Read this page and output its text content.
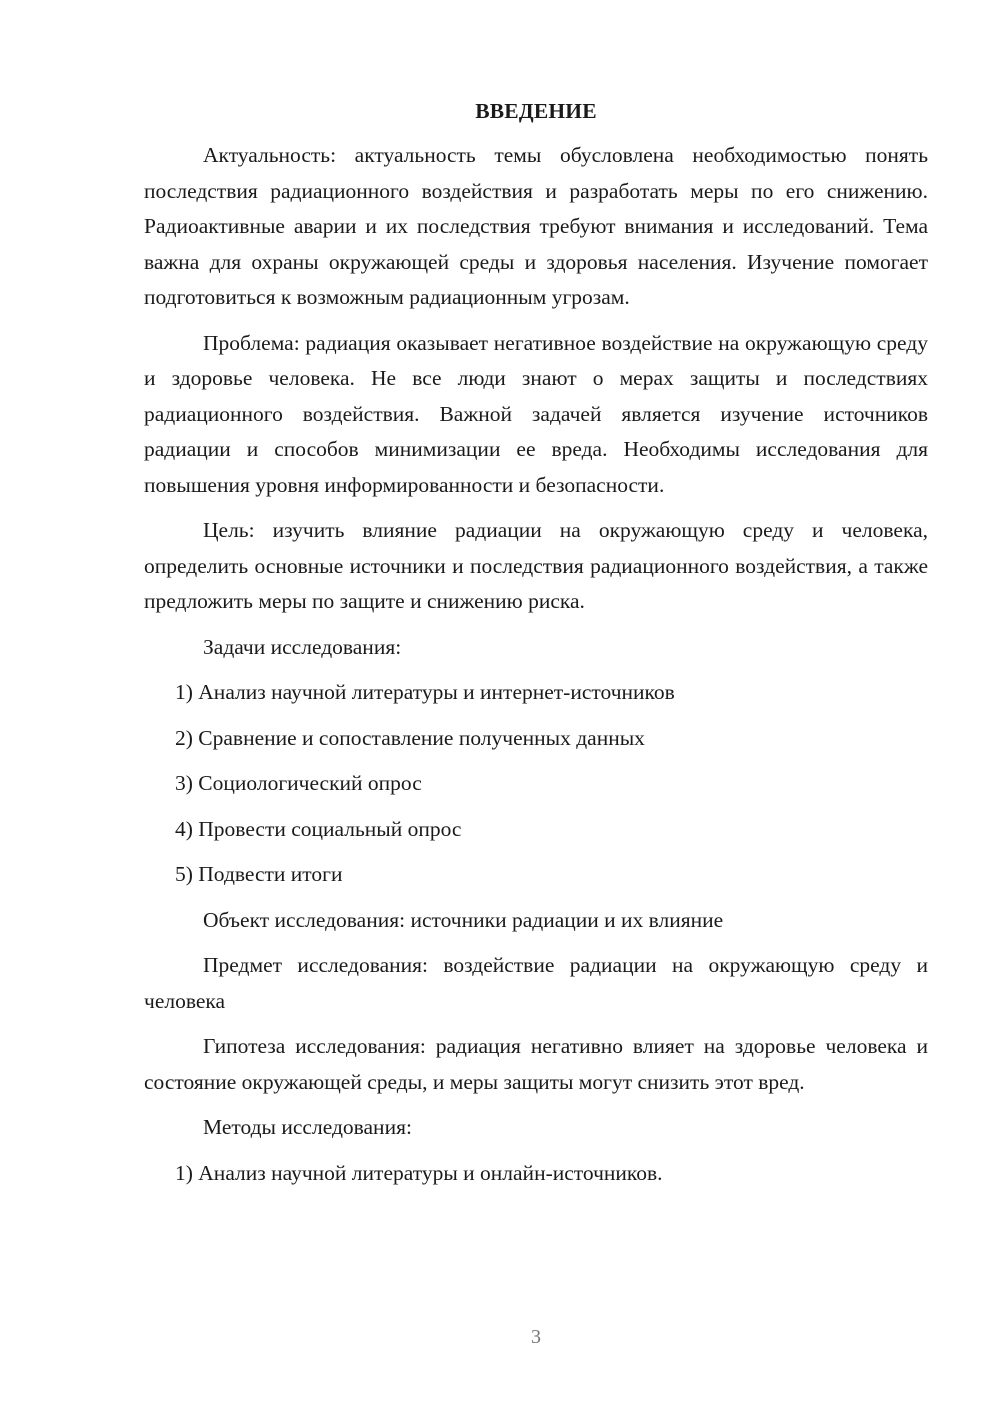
ВВЕДЕНИЕ

Актуальность: актуальность темы обусловлена необходимостью понять последствия радиационного воздействия и разработать меры по его снижению. Радиоактивные аварии и их последствия требуют внимания и исследований. Тема важна для охраны окружающей среды и здоровья населения. Изучение помогает подготовиться к возможным радиационным угрозам.

Проблема: радиация оказывает негативное воздействие на окружающую среду и здоровье человека. Не все люди знают о мерах защиты и последствиях радиационного воздействия. Важной задачей является изучение источников радиации и способов минимизации ее вреда. Необходимы исследования для повышения уровня информированности и безопасности.

Цель: изучить влияние радиации на окружающую среду и человека, определить основные источники и последствия радиационного воздействия, а также предложить меры по защите и снижению риска.

Задачи исследования:

1) Анализ научной литературы и интернет-источников
2) Сравнение и сопоставление полученных данных
3) Социологический опрос
4) Провести социальный опрос
5) Подвести итоги

Объект исследования: источники радиации и их влияние

Предмет исследования: воздействие радиации на окружающую среду и человека

Гипотеза исследования: радиация негативно влияет на здоровье человека и состояние окружающей среды, и меры защиты могут снизить этот вред.

Методы исследования:

1) Анализ научной литературы и онлайн-источников.
3
